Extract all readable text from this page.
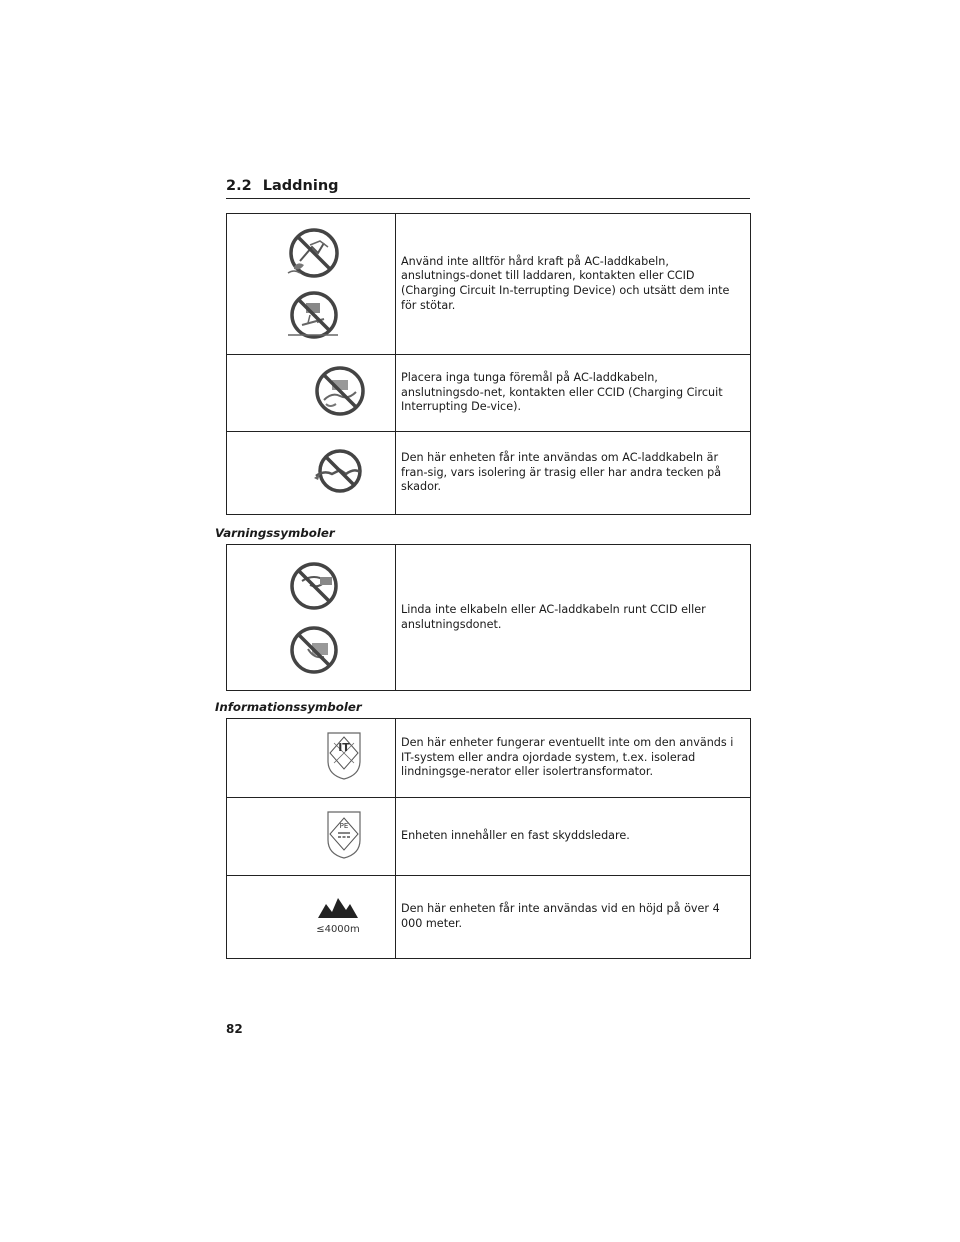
2.2 Laddning
	Använd inte alltför hård kraft på AC-laddkabeln, anslutnings-donet till laddaren, kontakten eller CCID (Charging Circuit In-terrupting Device) och utsätt dem inte för stötar.
	Placera inga tunga föremål på AC-laddkabeln, anslutningsdo-net, kontakten eller CCID (Charging Circuit Interrupting De-vice).
	Den här enheten får inte användas om AC-laddkabeln är fran-sig, vars isolering är trasig eller har andra tecken på skador.
Varningssymboler
	Linda inte elkabeln eller AC-laddkabeln runt CCID eller anslutningsdonet.
Informationssymboler
IT	Den här enheter fungerar eventuellt inte om den används i IT-system eller andra ojordade system, t.ex. isolerad lindningsge-nerator eller isolertransformator.

PE	Enheten innehåller en fast skyddsledare.

≤4000m	Den här enheten får inte användas vid en höjd på över 4 000 meter.
82
